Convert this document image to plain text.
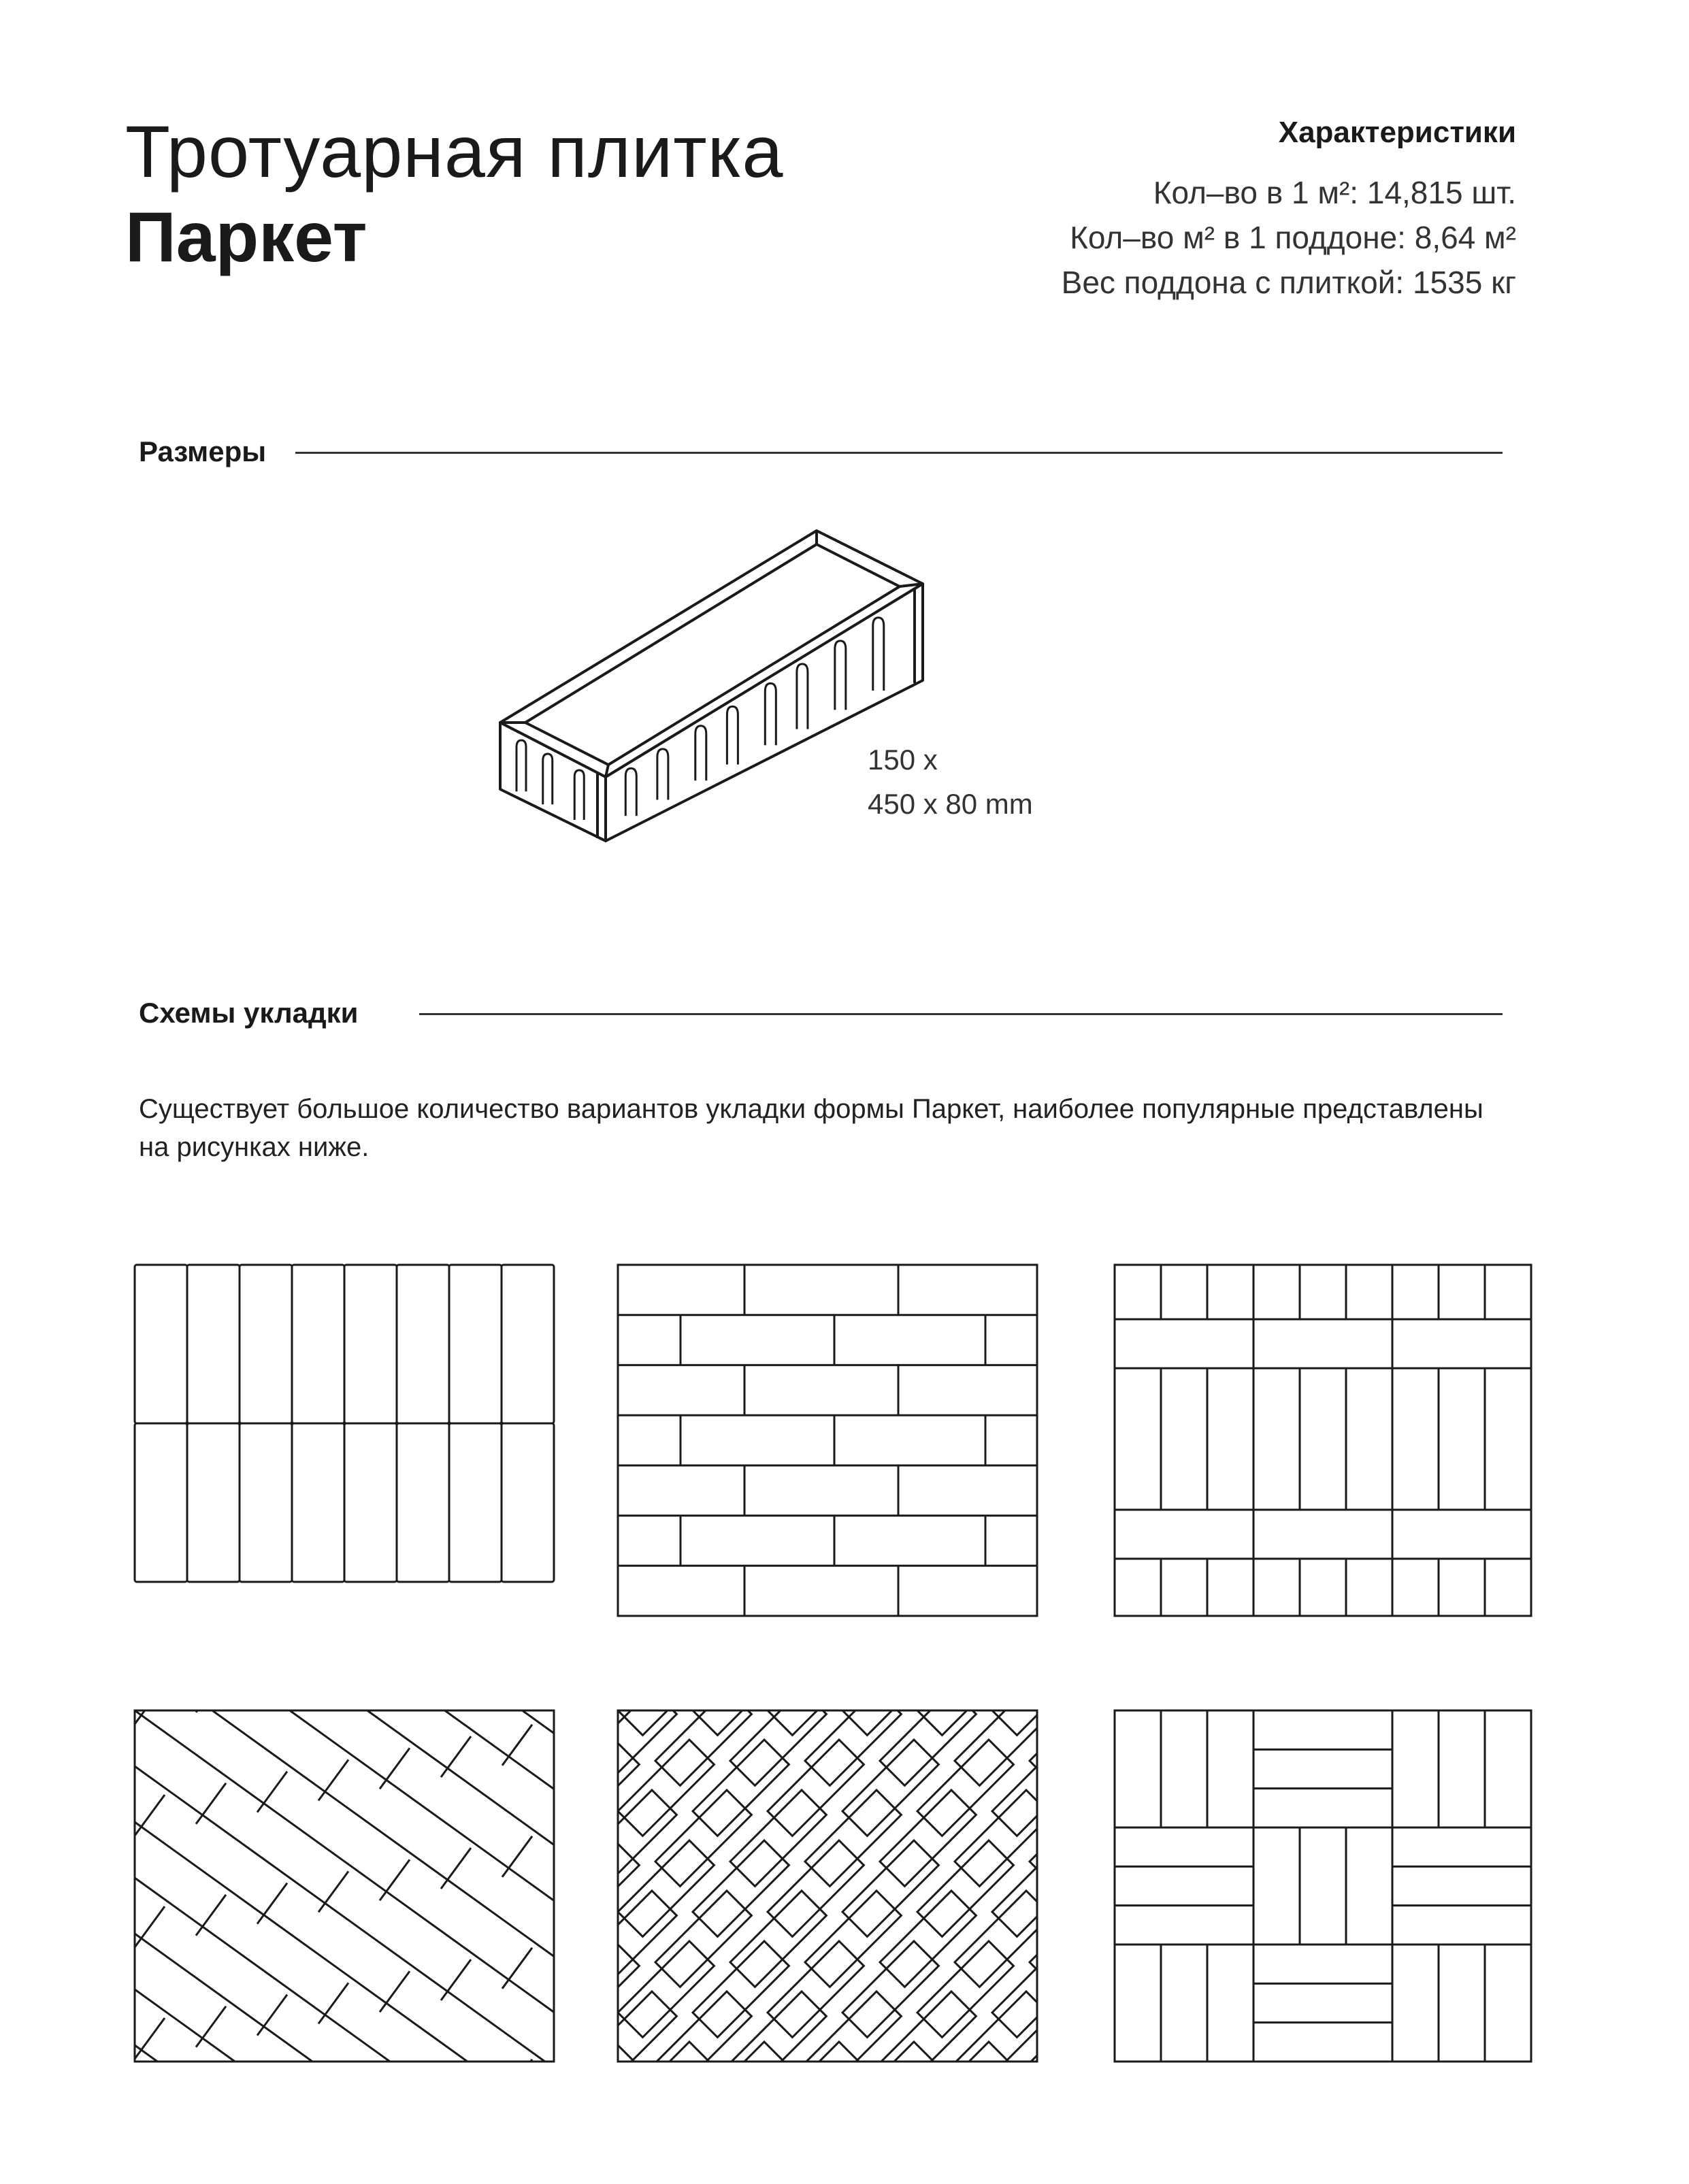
Тротуарная плитка
Паркет
Характеристики
Кол–во в 1 м²: 14,815 шт.
Кол–во м² в 1 поддоне: 8,64 м²
Вес поддона с плиткой: 1535 кг
Размеры
150 x
450 x 80 mm
Схемы укладки
Существует большое количество вариантов укладки формы Паркет, наиболее популярные представлены на рисунках ниже.
